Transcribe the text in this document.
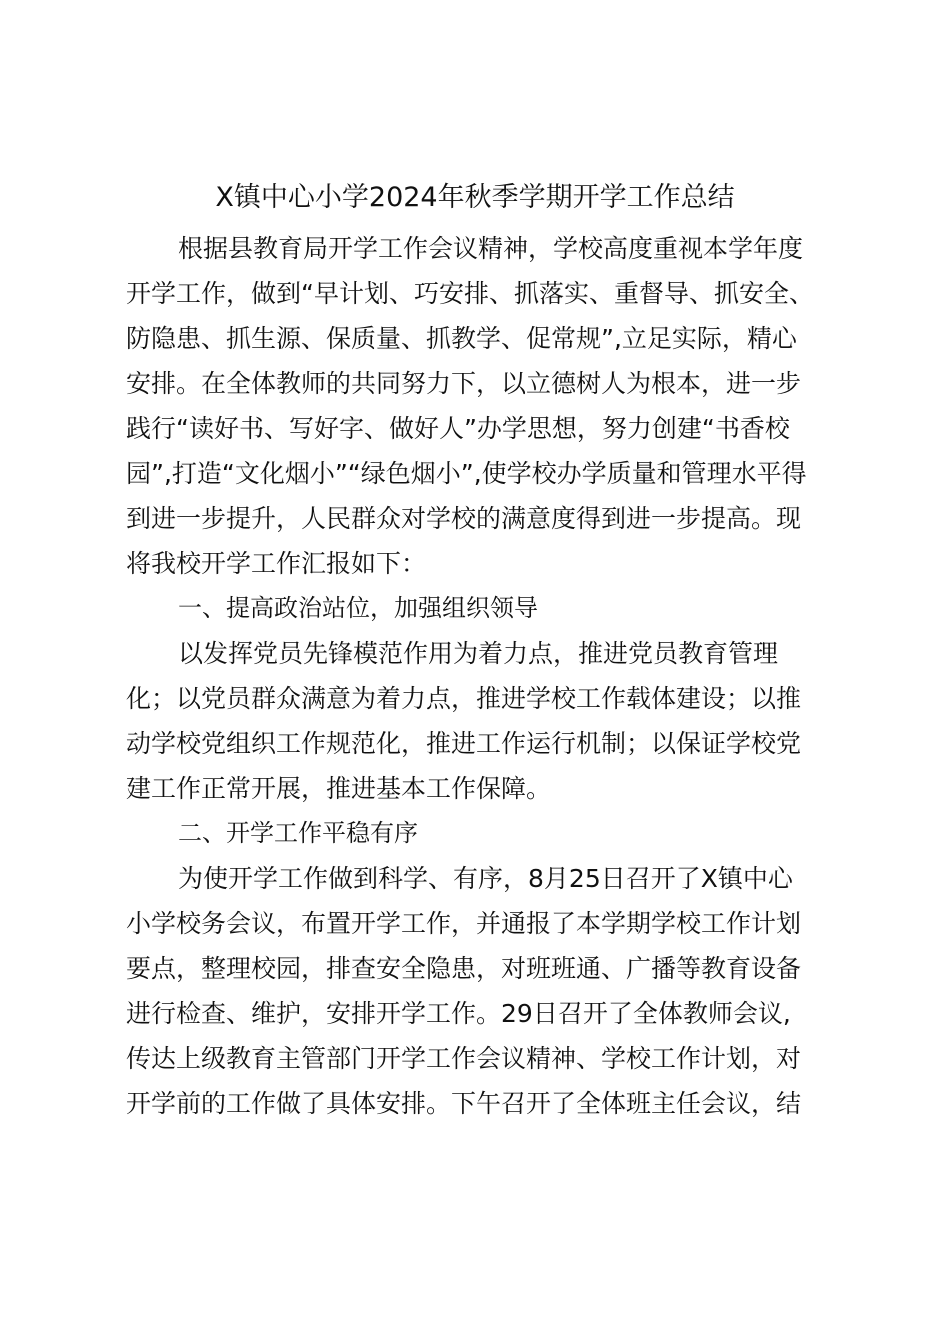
X镇中心小学2024年秋季学期开学工作总结
根据县教育局开学工作会议精神，学校高度重视本学年度
开学工作，做到“早计划、巧安排、抓落实、重督导、抓安全、
防隐患、抓生源、保质量、抓教学、促常规”,立足实际，精心
安排。在全体教师的共同努力下，以立德树人为根本，进一步
践行“读好书、写好字、做好人”办学思想，努力创建“书香校
园”,打造“文化烟小”“绿色烟小”,使学校办学质量和管理水平得
到进一步提升，人民群众对学校的满意度得到进一步提高。现
将我校开学工作汇报如下：
一、提高政治站位，加强组织领导
以发挥党员先锋模范作用为着力点，推进党员教育管理
化；以党员群众满意为着力点，推进学校工作载体建设；以推
动学校党组织工作规范化，推进工作运行机制；以保证学校党
建工作正常开展，推进基本工作保障。
二、开学工作平稳有序
为使开学工作做到科学、有序，8月25日召开了X镇中心
小学校务会议，布置开学工作，并通报了本学期学校工作计划
要点，整理校园，排查安全隐患，对班班通、广播等教育设备
进行检查、维护，安排开学工作。29日召开了全体教师会议,
传达上级教育主管部门开学工作会议精神、学校工作计划，对
开学前的工作做了具体安排。下午召开了全体班主任会议，结
